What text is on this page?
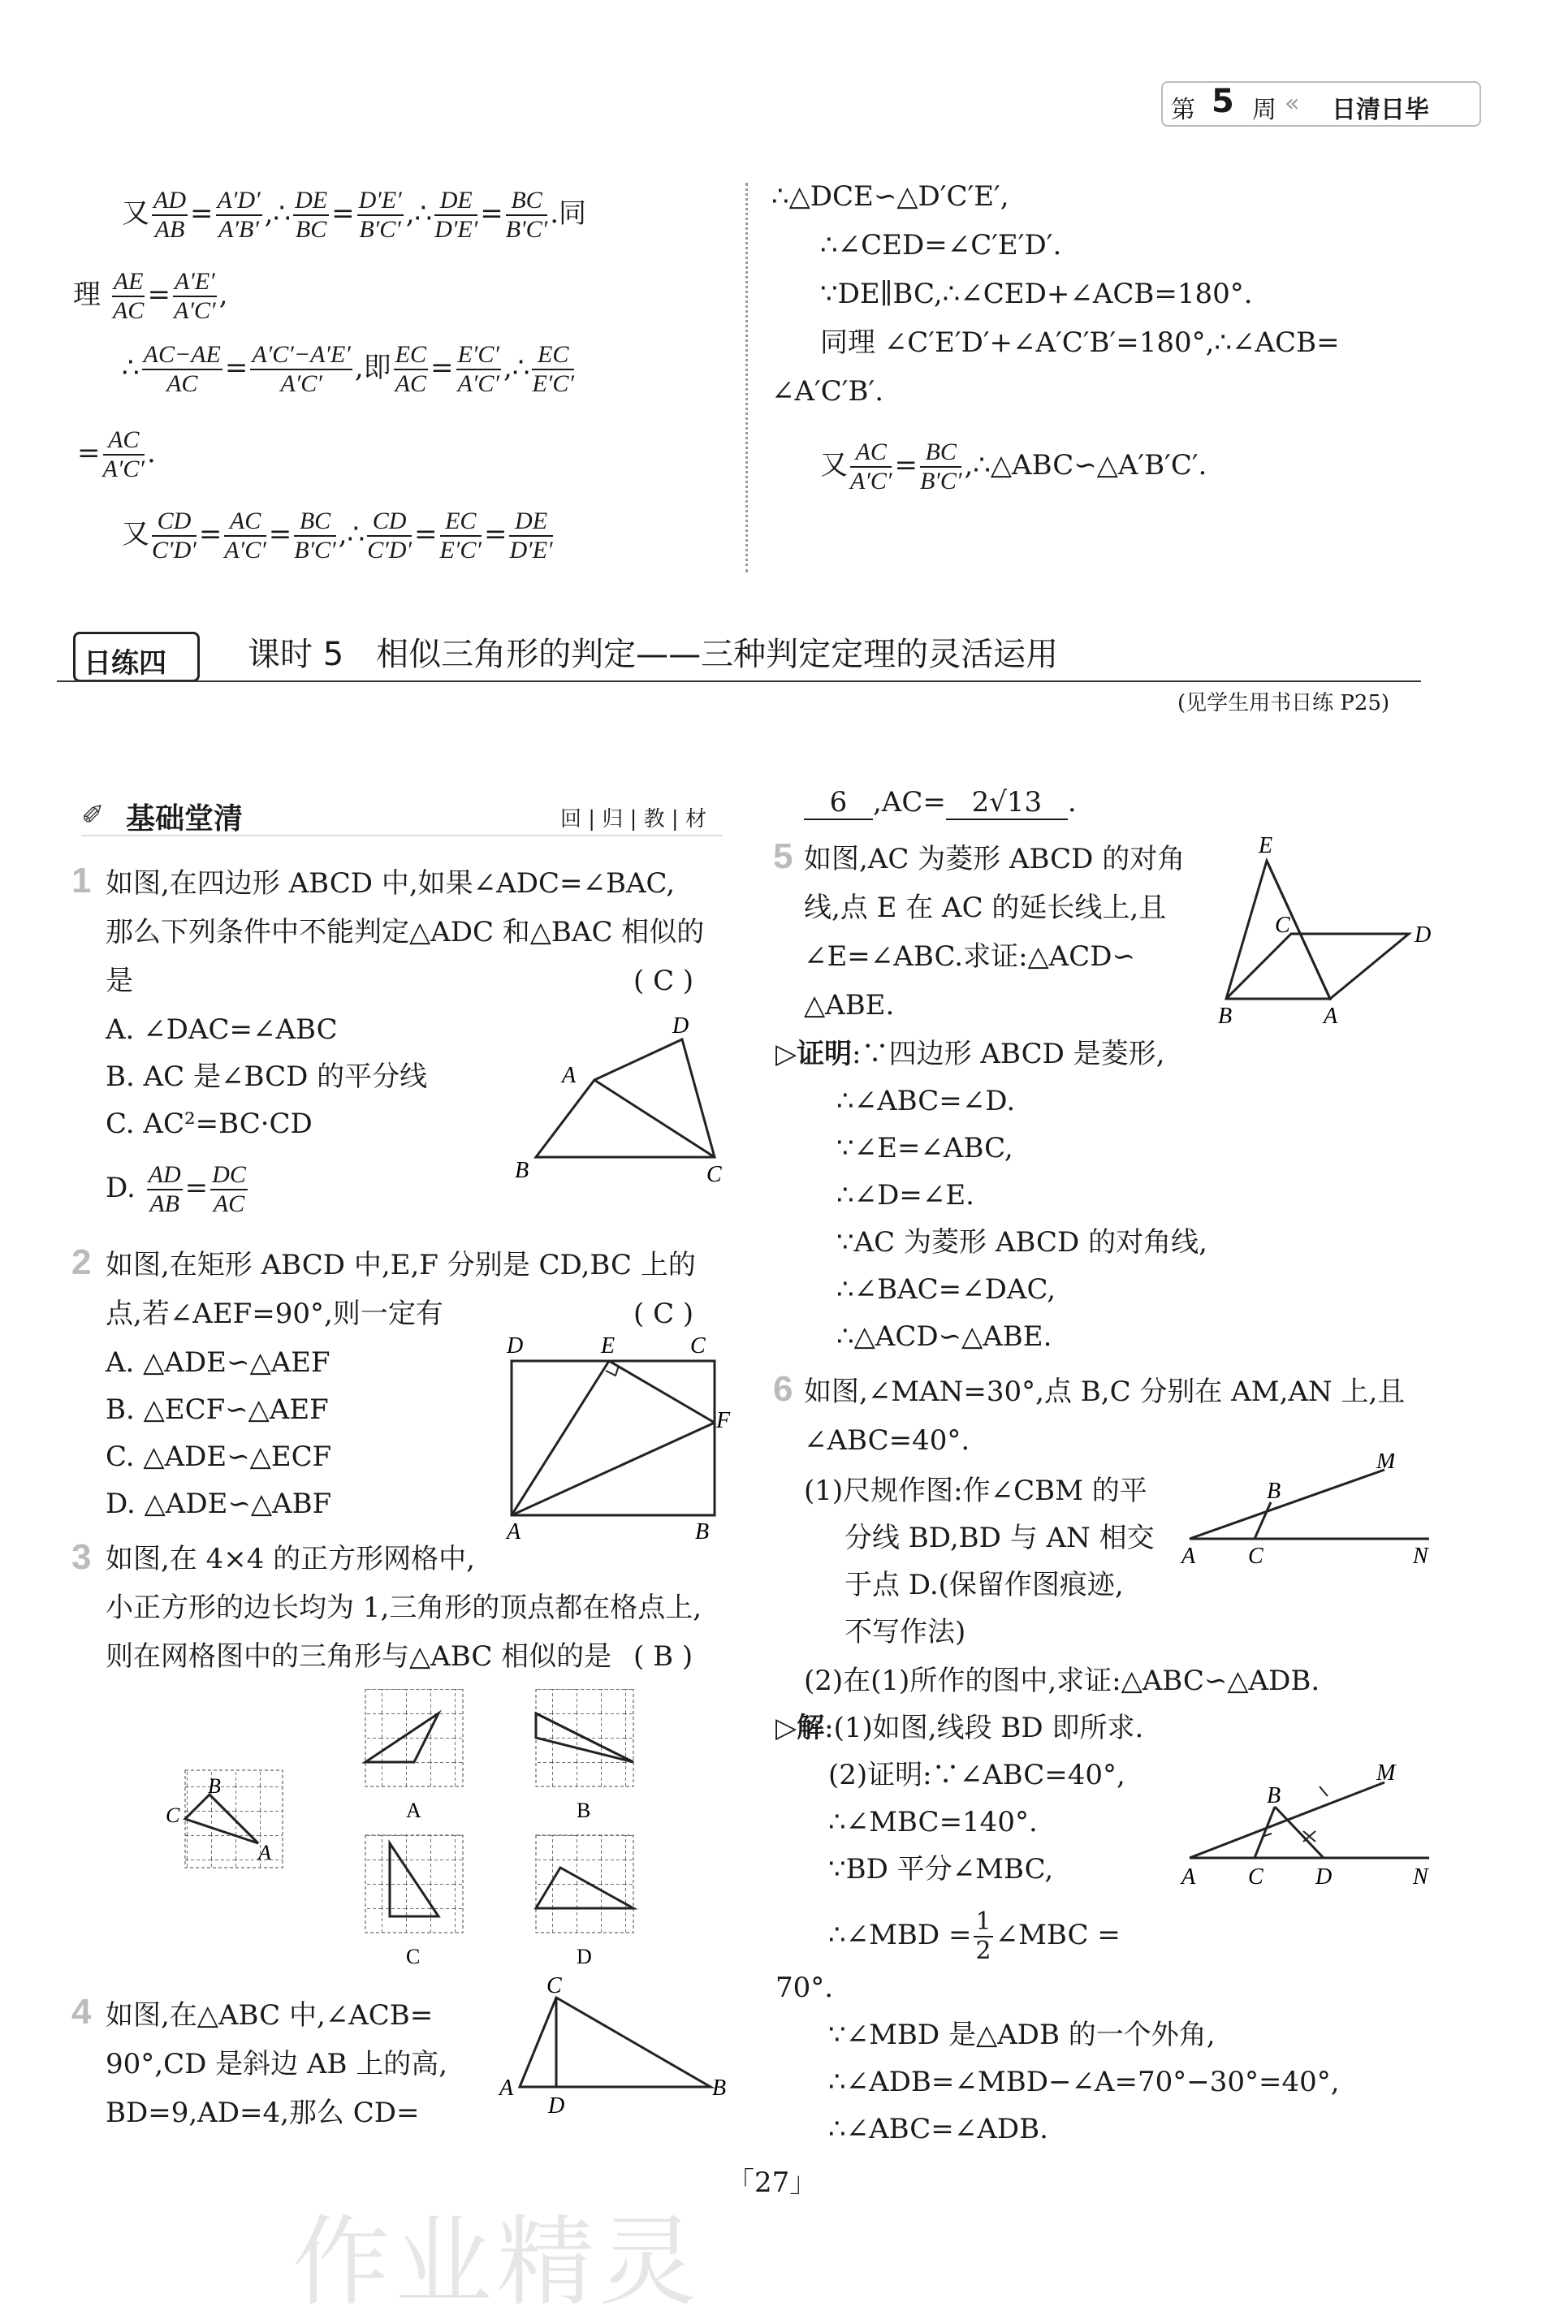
第 5 周 « 日清日毕
又 $\frac{AD}{AB} = \frac{A'D'}{A'B'}$ ,∴ $\frac{DE}{BC} = \frac{D'E'}{B'C'}$ ,∴ $\frac{DE}{D'E'} = \frac{BC}{B'C'}$ .同
理 $\frac{AE}{AC} = \frac{A'E'}{A'C'}$ ,
∴ $\frac{AC-AE}{AC} = \frac{A'C'-A'E'}{A'C'}$ ,即 $\frac{EC}{AC} = \frac{E'C'}{A'C'}$ ,∴ $\frac{EC}{E'C'}$
= $\frac{AC}{A'C'}$ .
又 $\frac{CD}{C'D'} = \frac{AC}{A'C'} = \frac{BC}{B'C'}$ ,∴ $\frac{CD}{C'D'} = \frac{EC}{E'C'} = \frac{DE}{D'E'}$
∴△DCE∽△D′C′E′,
∴∠CED=∠C′E′D′.
∵DE∥BC,∴∠CED+∠ACB=180°.
同理 ∠C′E′D′+∠A′C′B′=180°,∴∠ACB=
∠A′C′B′.
又 $\frac{AC}{A'C'} = \frac{BC}{B'C'}$ ,∴△ABC∽△A′B′C′.
日练四	课时 5　相似三角形的判定——三种判定定理的灵活运用
(见学生用书日练 P25)
✐ 基础堂清	回 | 归 | 教 | 材
1 如图,在四边形 ABCD 中,如果∠ADC=∠BAC,
那么下列条件中不能判定△ADC 和△BAC 相似的
是	( C )
A. ∠DAC=∠ABC
B. AC 是∠BCD 的平分线
C. AC²=BC·CD
D. $\frac{AD}{AB} = \frac{DC}{AC}$
A
D
B	C
2 如图,在矩形 ABCD 中,E,F 分别是 CD,BC 上的
点,若∠AEF=90°,则一定有	( C )
A. △ADE∽△AEF
B. △ECF∽△AEF
C. △ADE∽△ECF
D. △ADE∽△ABF
D	E	C
F
A	B
3 如图,在 4×4 的正方形网格中,
小正方形的边长均为 1,三角形的顶点都在格点上,
则在网格图中的三角形与△ABC 相似的是 ( B )
B
C
A
A	B
C	D
4 如图,在△ABC 中,∠ACB=
90°,CD 是斜边 AB 上的高,
BD=9,AD=4,那么 CD=
C
A
D
B
6 ,AC= 2√13 .
5 如图,AC 为菱形 ABCD 的对角
线,点 E 在 AC 的延长线上,且
∠E=∠ABC.求证:△ACD∽
△ABE.
E
C	D
B	A
▷证明:∵四边形 ABCD 是菱形,
∴∠ABC=∠D.
∵∠E=∠ABC,
∴∠D=∠E.
∵AC 为菱形 ABCD 的对角线,
∴∠BAC=∠DAC,
∴△ACD∽△ABE.
6 如图,∠MAN=30°,点 B,C 分别在 AM,AN 上,且
∠ABC=40°.
(1)尺规作图:作∠CBM 的平
分线 BD,BD 与 AN 相交
于点 D.(保留作图痕迹,
不写作法)
M
B
A C	N
(2)在(1)所作的图中,求证:△ABC∽△ADB.
▷解:(1)如图,线段 BD 即所求.
(2)证明:∵∠ABC=40°,
∴∠MBC=140°.
∵BD 平分∠MBC,
∴∠MBD = $\frac{1}{2}$ ∠MBC =
70°.
∵∠MBD 是△ADB 的一个外角,
∴∠ADB=∠MBD−∠A=70°−30°=40°,
∴∠ABC=∠ADB.
M
B
A C D	N
「27」
作业精灵
